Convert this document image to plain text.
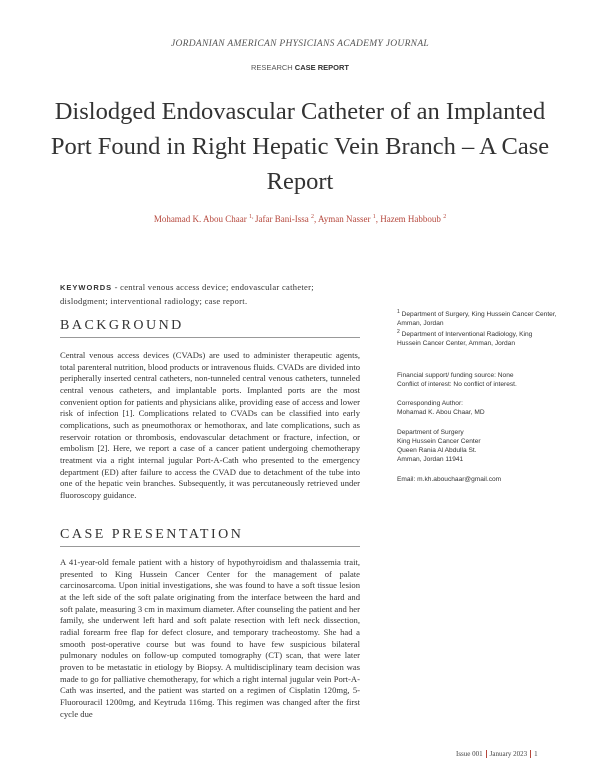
JORDANIAN AMERICAN PHYSICIANS ACADEMY JOURNAL
RESEARCH CASE REPORT
Dislodged Endovascular Catheter of an Implanted Port Found in Right Hepatic Vein Branch – A Case Report
Mohamad K. Abou Chaar $^{1,}$ Jafar Bani-Issa $^2$, Ayman Nasser $^1$, Hazem Habboub $^2$
KEYWORDS - central venous access device; endovascular catheter; dislodgment; interventional radiology; case report.
BACKGROUND

Central venous access devices (CVADs) are used to administer therapeutic agents, total parenteral nutrition, blood products or intravenous fluids. CVADs are divided into peripherally inserted central catheters, non-tunneled central venous catheters, tunneled central venous catheters, and implantable ports. Implanted ports are the most convenient option for patients and physicians alike, providing ease of access and lower risk of infection [1]. Complications related to CVADs can be classified into early complications, such as pneumothorax or hemothorax, and late complications, such as reservoir rotation or thrombosis, endovascular detachment or fracture, infection, or embolism [2]. Here, we report a case of a cancer patient undergoing chemotherapy treatment via a right internal jugular Port-A-Cath who presented to the emergency department (ED) after failure to access the CVAD due to detachment of the tube into one of the hepatic vein branches. Subsequently, it was percutaneously retrieved under fluoroscopy guidance.

CASE PRESENTATION

A 41-year-old female patient with a history of hypothyroidism and thalassemia trait, presented to King Hussein Cancer Center for the management of palate carcinosarcoma. Upon initial investigations, she was found to have a soft tissue lesion at the left side of the soft palate originating from the interface between the hard and soft palate, measuring 3 cm in maximum diameter. After counseling the patient and her family, she underwent left hard and soft palate resection with left neck dissection, radial forearm free flap for defect closure, and temporary tracheostomy. She had a smooth post-operative course but was found to have few suspicious bilateral pulmonary nodules on follow-up computed tomography (CT) scan, that were later proven to be metastatic in etiology by Biopsy. A multidisciplinary team decision was made to go for palliative chemotherapy, for which a right internal jugular vein Port-A-Cath was inserted, and the patient was started on a regimen of Cisplatin 120mg, 5-Fluorouracil 1200mg, and Keytruda 116mg. This regimen was changed after the first cycle due

$^1$ Department of Surgery, King Hussein Cancer Center, Amman, Jordan
$^2$ Department of Interventional Radiology, King Hussein Cancer Center, Amman, Jordan
Financial support/ funding source: None
Conflict of interest: No conflict of interest.
Corresponding Author:
Mohamad K. Abou Chaar, MD
Department of Surgery
King Hussein Cancer Center
Queen Rania Al Abdulla St.
Amman, Jordan 11941
Email: m.kh.abouchaar@gmail.com
Issue 001 January 2023 1
